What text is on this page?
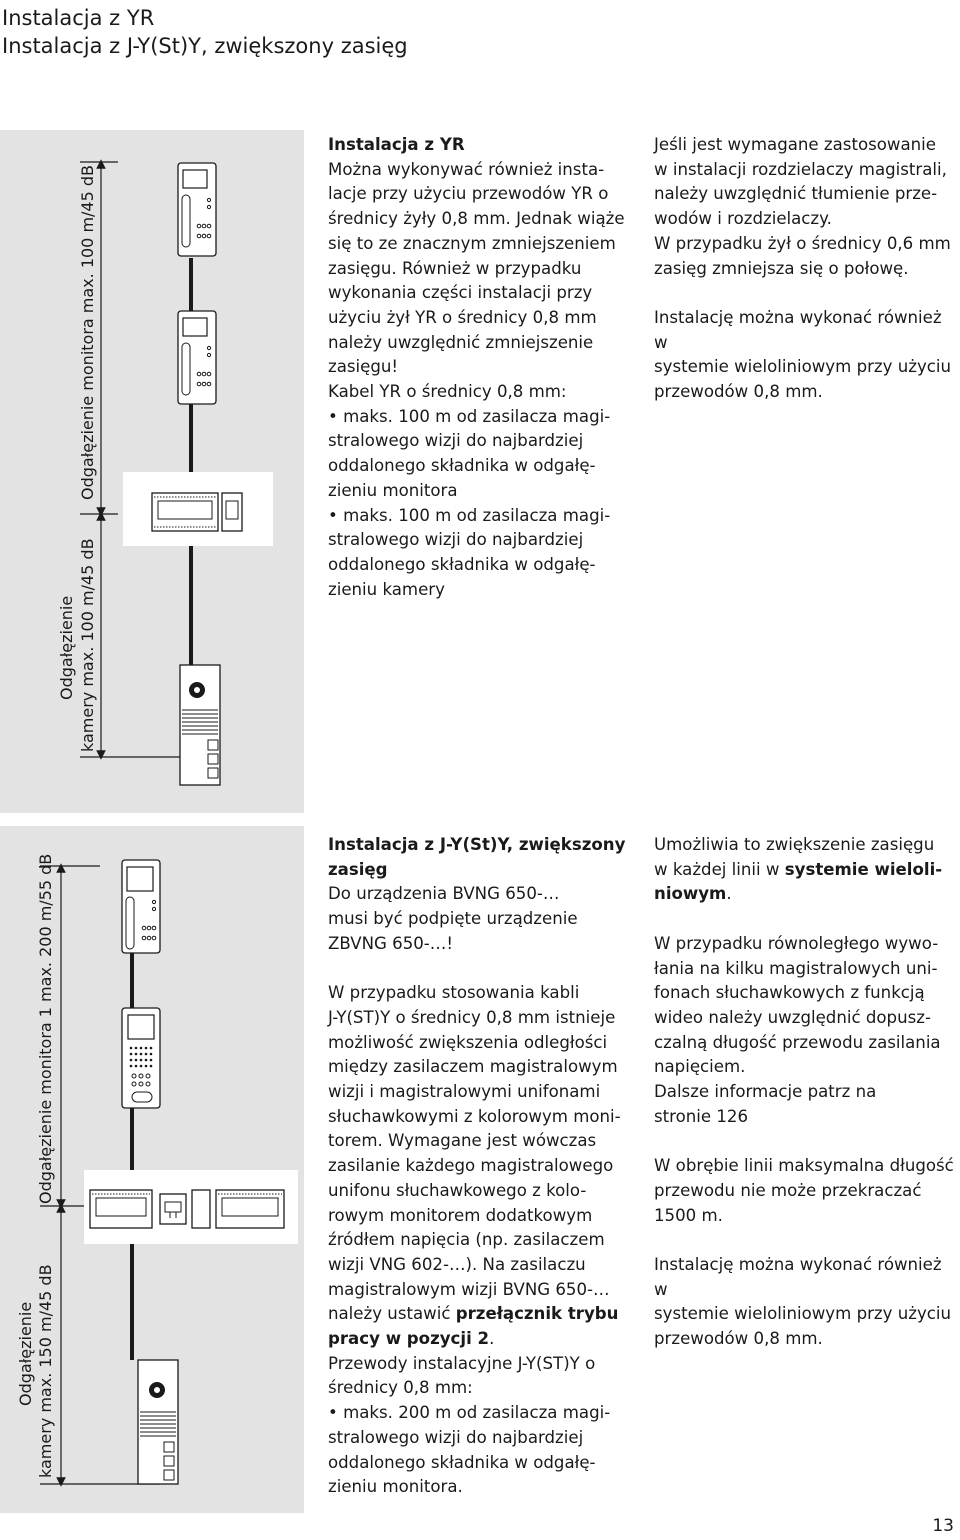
Instalacja z YR
Instalacja z J-Y(St)Y, zwiększony zasięg
Odgałęzienie monitora max. 100 m/45 dB
Odgałęzienie kamery max. 100 m/45 dB
Odgałęzienie monitora 1 max. 200 m/55 dB
Odgałęzienie kamery max. 150 m/45 dB
Instalacja z YR

Można wykonywać również insta-
lacje przy użyciu przewodów YR o
średnicy żyły 0,8 mm. Jednak wiąże
się to ze znacznym zmniejszeniem
zasięgu. Również w przypadku
wykonania części instalacji przy
użyciu żył YR o średnicy 0,8 mm
należy uwzględnić zmniejszenie
zasięgu!

Kabel YR o średnicy 0,8 mm:

• maks. 100 m od zasilacza magi-
stralowego wizji do najbardziej
oddalonego składnika w odgałę-
zieniu monitora

• maks. 100 m od zasilacza magi-
stralowego wizji do najbardziej
oddalonego składnika w odgałę-
zieniu kamery

Jeśli jest wymagane zastosowanie
w instalacji rozdzielaczy magistrali,
należy uwzględnić tłumienie prze-
wodów i rozdzielaczy.
W przypadku żył o średnicy 0,6 mm
zasięg zmniejsza się o połowę.

Instalację można wykonać również w
systemie wieloliniowym przy użyciu
przewodów 0,8 mm.

Instalacja z J-Y(St)Y, zwiększony
zasięg

Do urządzenia BVNG 650-…
musi być podpięte urządzenie
ZBVNG 650-…!

W przypadku stosowania kabli
J-Y(ST)Y o średnicy 0,8 mm istnieje
możliwość zwiększenia odległości
między zasilaczem magistralowym
wizji i magistralowymi unifonami
słuchawkowymi z kolorowym moni-
torem. Wymagane jest wówczas
zasilanie każdego magistralowego
unifonu słuchawkowego z kolo-
rowym monitorem dodatkowym
źródłem napięcia (np. zasilaczem
wizji VNG 602-…). Na zasilaczu
magistralowym wizji BVNG 650-…
należy ustawić przełącznik trybu
pracy w pozycji 2.

Przewody instalacyjne J-Y(ST)Y o
średnicy 0,8 mm:

• maks. 200 m od zasilacza magi-
stralowego wizji do najbardziej
oddalonego składnika w odgałę-
zieniu monitora.

Umożliwia to zwiększenie zasięgu
w każdej linii w systemie wieloli-
niowym.

W przypadku równoległego wywo-
łania na kilku magistralowych uni-
fonach słuchawkowych z funkcją
wideo należy uwzględnić dopusz-
czalną długość przewodu zasilania
napięciem.
Dalsze informacje patrz na
stronie 126

W obrębie linii maksymalna długość
przewodu nie może przekraczać
1500 m.

Instalację można wykonać również w
systemie wieloliniowym przy użyciu
przewodów 0,8 mm.

13
